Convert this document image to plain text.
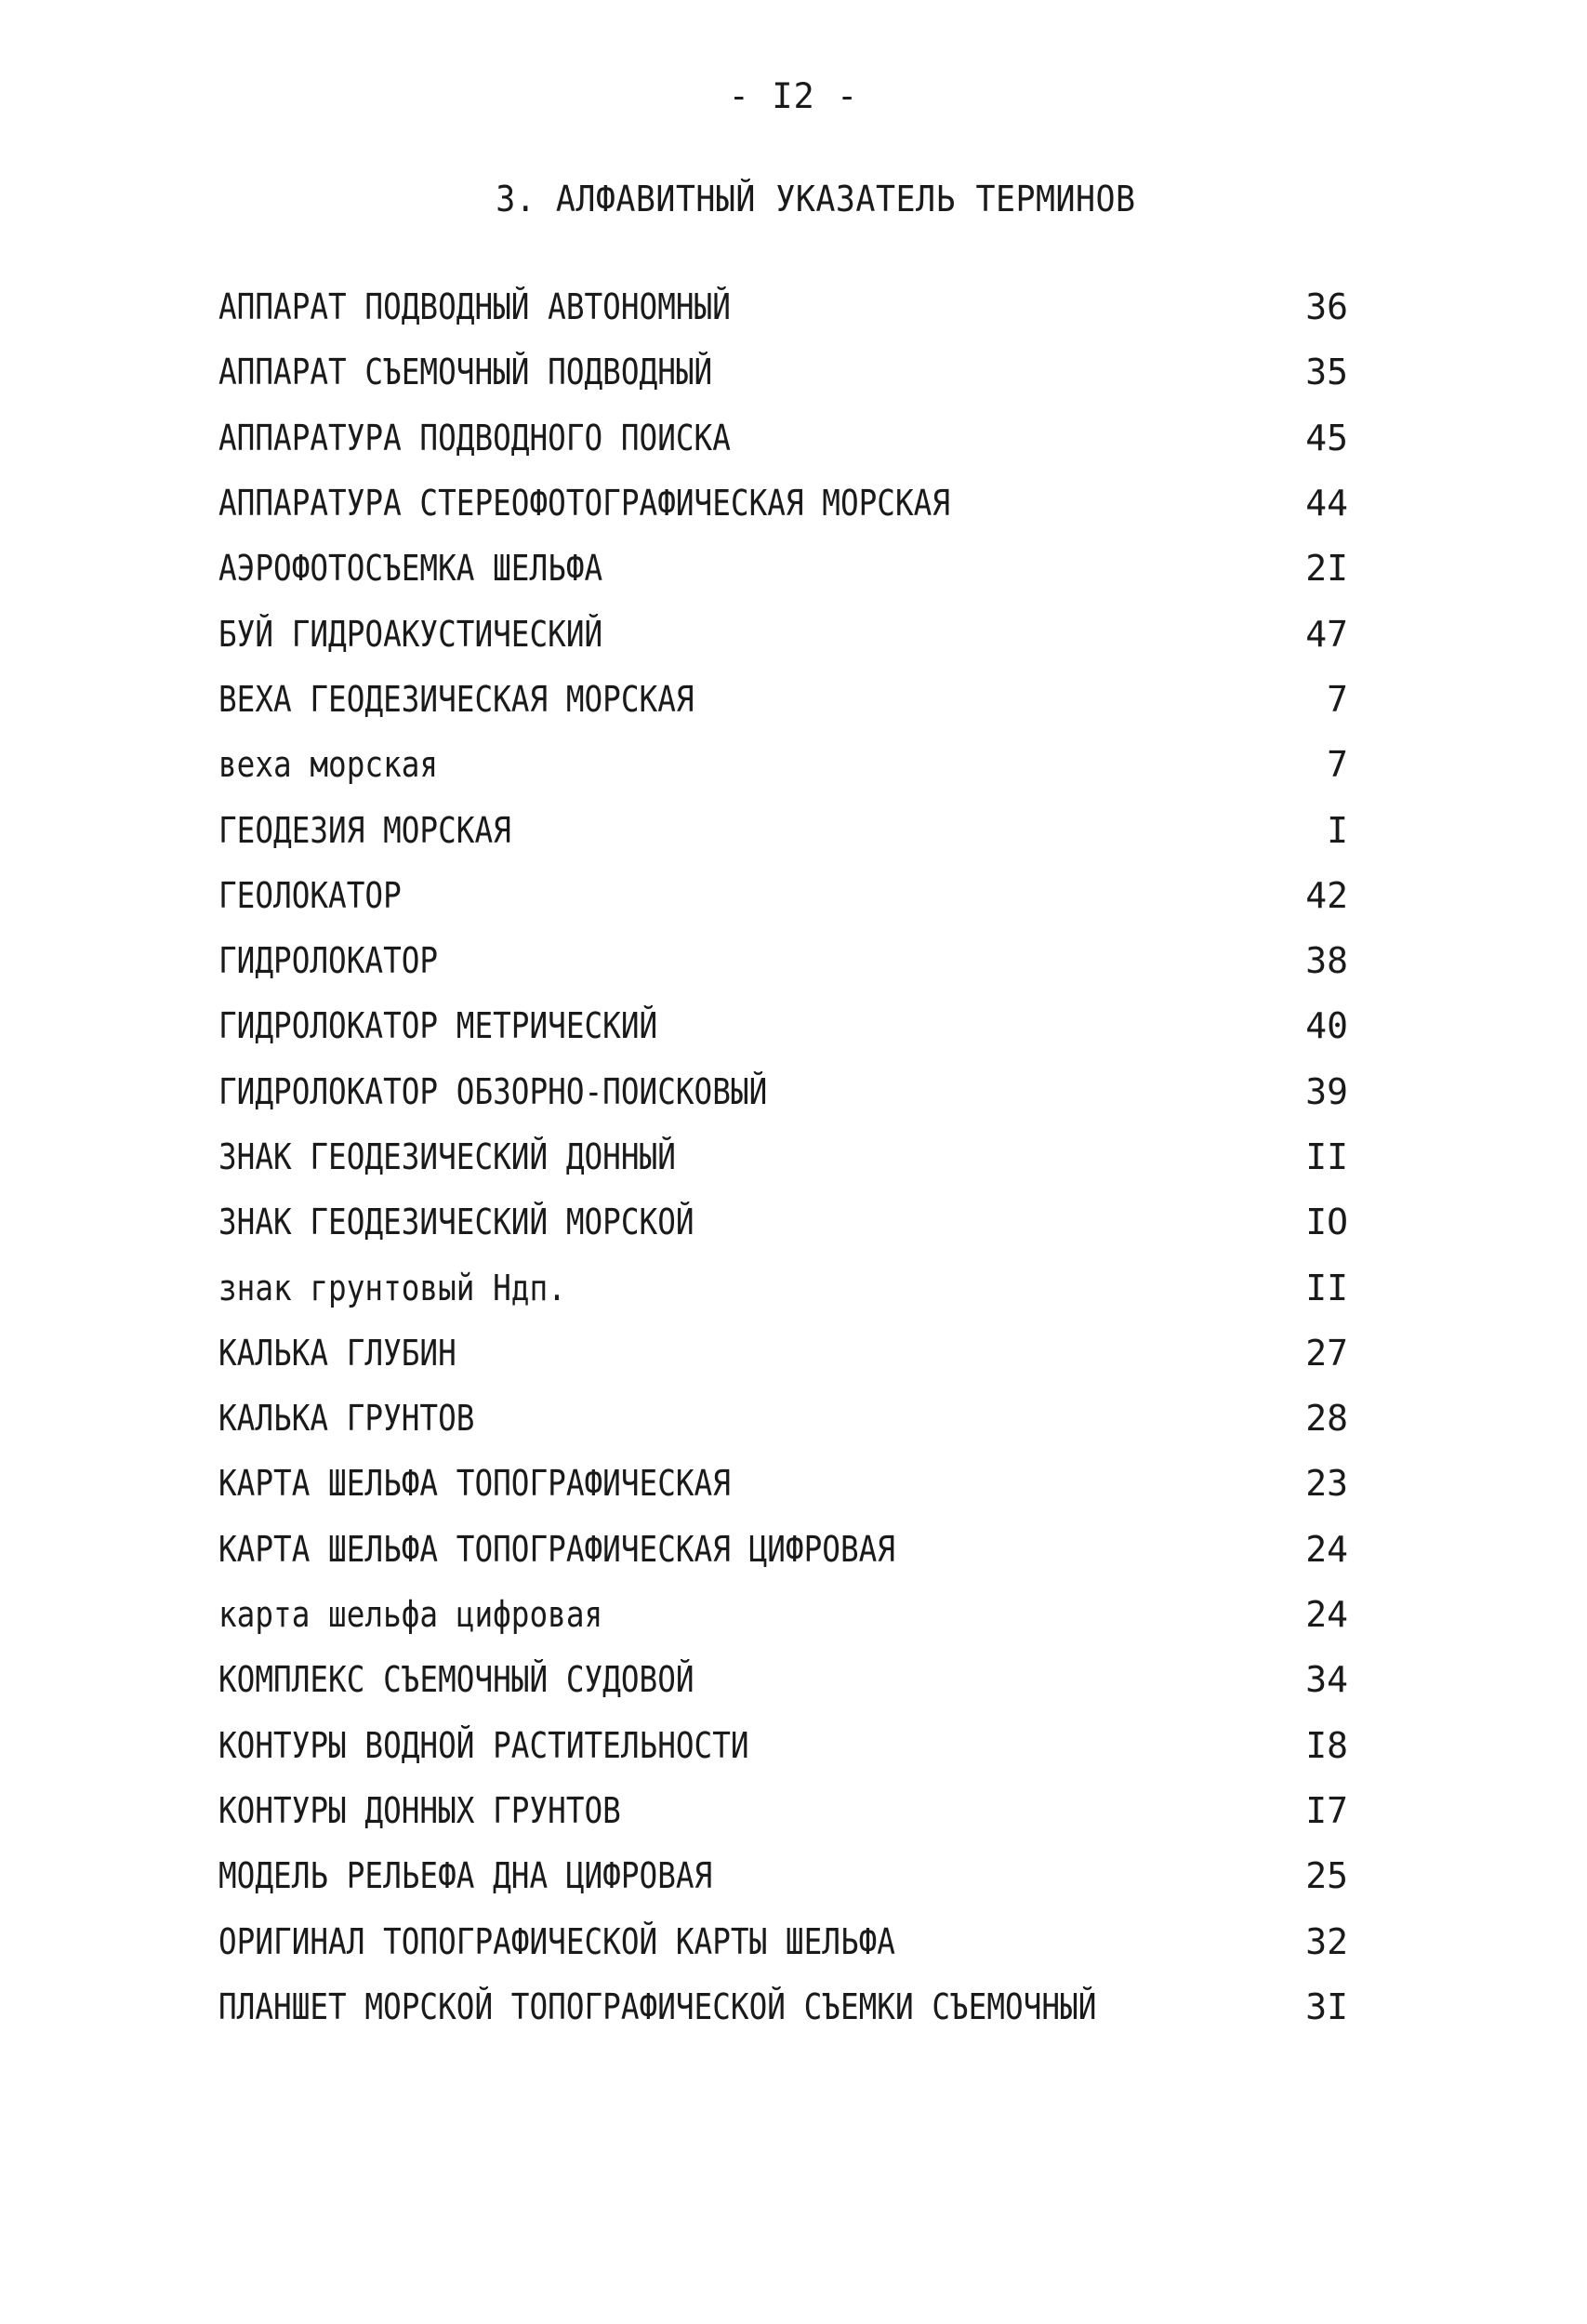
- I2 -
3. АЛФАВИТНЫЙ УКАЗАТЕЛЬ ТЕРМИНОВ
АППАРАТ ПОДВОДНЫЙ АВТОНОМНЫЙ	36
АППАРАТ СЪЕМОЧНЫЙ ПОДВОДНЫЙ	35
АППАРАТУРА ПОДВОДНОГО ПОИСКА	45
АППАРАТУРА СТЕРЕОФОТОГРАФИЧЕСКАЯ МОРСКАЯ	44
АЭРОФОТОСЪЕМКА ШЕЛЬФА	2I
БУЙ ГИДРОАКУСТИЧЕСКИЙ	47
ВЕХА ГЕОДЕЗИЧЕСКАЯ МОРСКАЯ	7
веха морская	7
ГЕОДЕЗИЯ МОРСКАЯ	I
ГЕОЛОКАТОР	42
ГИДРОЛОКАТОР	38
ГИДРОЛОКАТОР МЕТРИЧЕСКИЙ	40
ГИДРОЛОКАТОР ОБЗОРНО-ПОИСКОВЫЙ	39
ЗНАК ГЕОДЕЗИЧЕСКИЙ ДОННЫЙ	II
ЗНАК ГЕОДЕЗИЧЕСКИЙ МОРСКОЙ	IO
знак грунтовый Ндп.	II
КАЛЬКА ГЛУБИН	27
КАЛЬКА ГРУНТОВ	28
КАРТА ШЕЛЬФА ТОПОГРАФИЧЕСКАЯ	23
КАРТА ШЕЛЬФА ТОПОГРАФИЧЕСКАЯ ЦИФРОВАЯ	24
карта шельфа цифровая	24
КОМПЛЕКС СЪЕМОЧНЫЙ СУДОВОЙ	34
КОНТУРЫ ВОДНОЙ РАСТИТЕЛЬНОСТИ	I8
КОНТУРЫ ДОННЫХ ГРУНТОВ	I7
МОДЕЛЬ РЕЛЬЕФА ДНА ЦИФРОВАЯ	25
ОРИГИНАЛ ТОПОГРАФИЧЕСКОЙ КАРТЫ ШЕЛЬФА	32
ПЛАНШЕТ МОРСКОЙ ТОПОГРАФИЧЕСКОЙ СЪЕМКИ СЪЕМОЧНЫЙ	3I
